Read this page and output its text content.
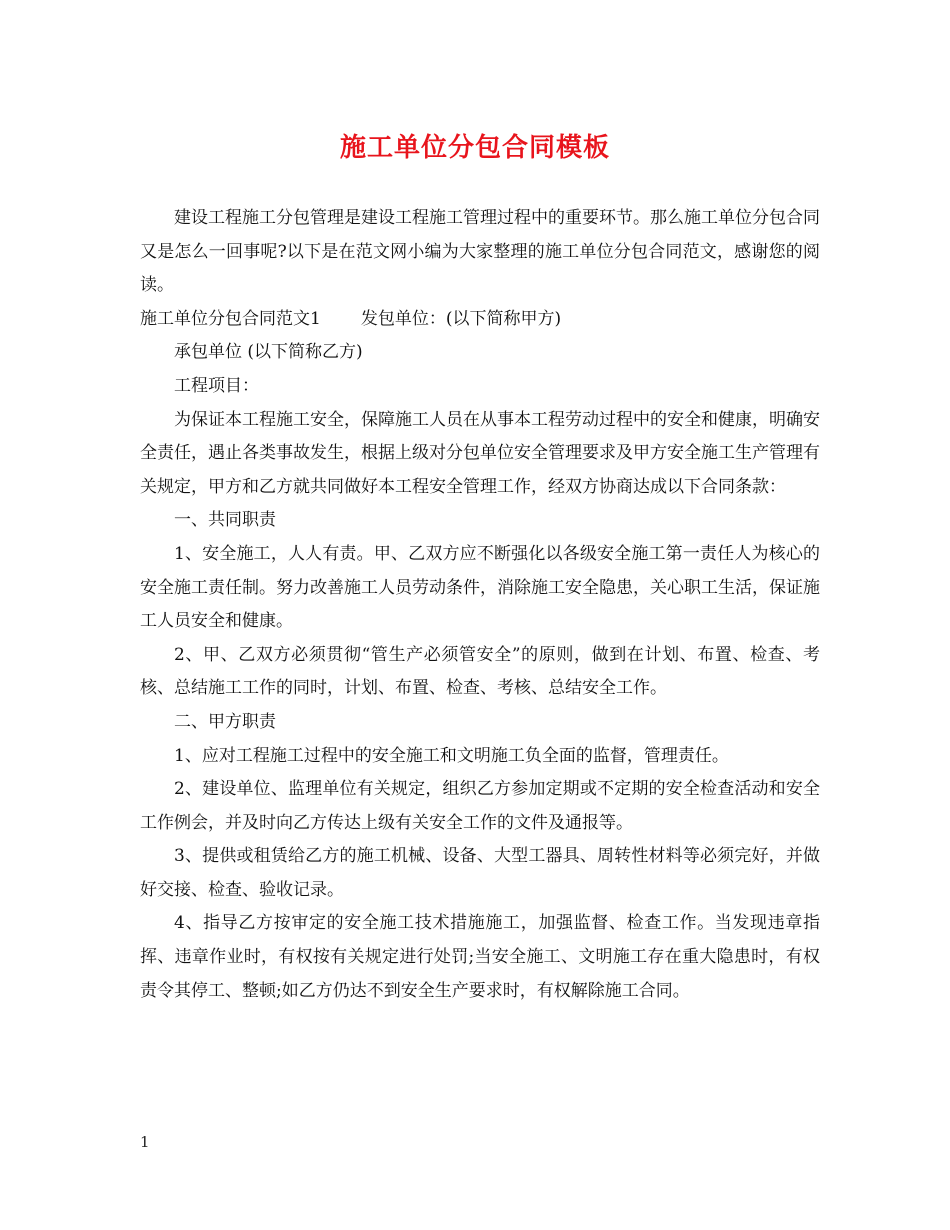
施工单位分包合同模板

建设工程施工分包管理是建设工程施工管理过程中的重要环节。那么施工单位分包合同又是怎么一回事呢?以下是在范文网小编为大家整理的施工单位分包合同范文，感谢您的阅读。

施工单位分包合同范文1 发包单位：(以下简称甲方)

承包单位 (以下简称乙方)

工程项目：

为保证本工程施工安全，保障施工人员在从事本工程劳动过程中的安全和健康，明确安全责任，遇止各类事故发生，根据上级对分包单位安全管理要求及甲方安全施工生产管理有关规定，甲方和乙方就共同做好本工程安全管理工作，经双方协商达成以下合同条款：

一、共同职责

1、安全施工，人人有责。甲、乙双方应不断强化以各级安全施工第一责任人为核心的安全施工责任制。努力改善施工人员劳动条件，消除施工安全隐患，关心职工生活，保证施工人员安全和健康。

2、甲、乙双方必须贯彻“管生产必须管安全”的原则，做到在计划、布置、检查、考核、总结施工工作的同时，计划、布置、检查、考核、总结安全工作。

二、甲方职责

1、应对工程施工过程中的安全施工和文明施工负全面的监督，管理责任。

2、建设单位、监理单位有关规定，组织乙方参加定期或不定期的安全检查活动和安全工作例会，并及时向乙方传达上级有关安全工作的文件及通报等。

3、提供或租赁给乙方的施工机械、设备、大型工器具、周转性材料等必须完好，并做好交接、检查、验收记录。

4、指导乙方按审定的安全施工技术措施施工，加强监督、检查工作。当发现违章指挥、违章作业时，有权按有关规定进行处罚;当安全施工、文明施工存在重大隐患时，有权责令其停工、整顿;如乙方仍达不到安全生产要求时，有权解除施工合同。

1
